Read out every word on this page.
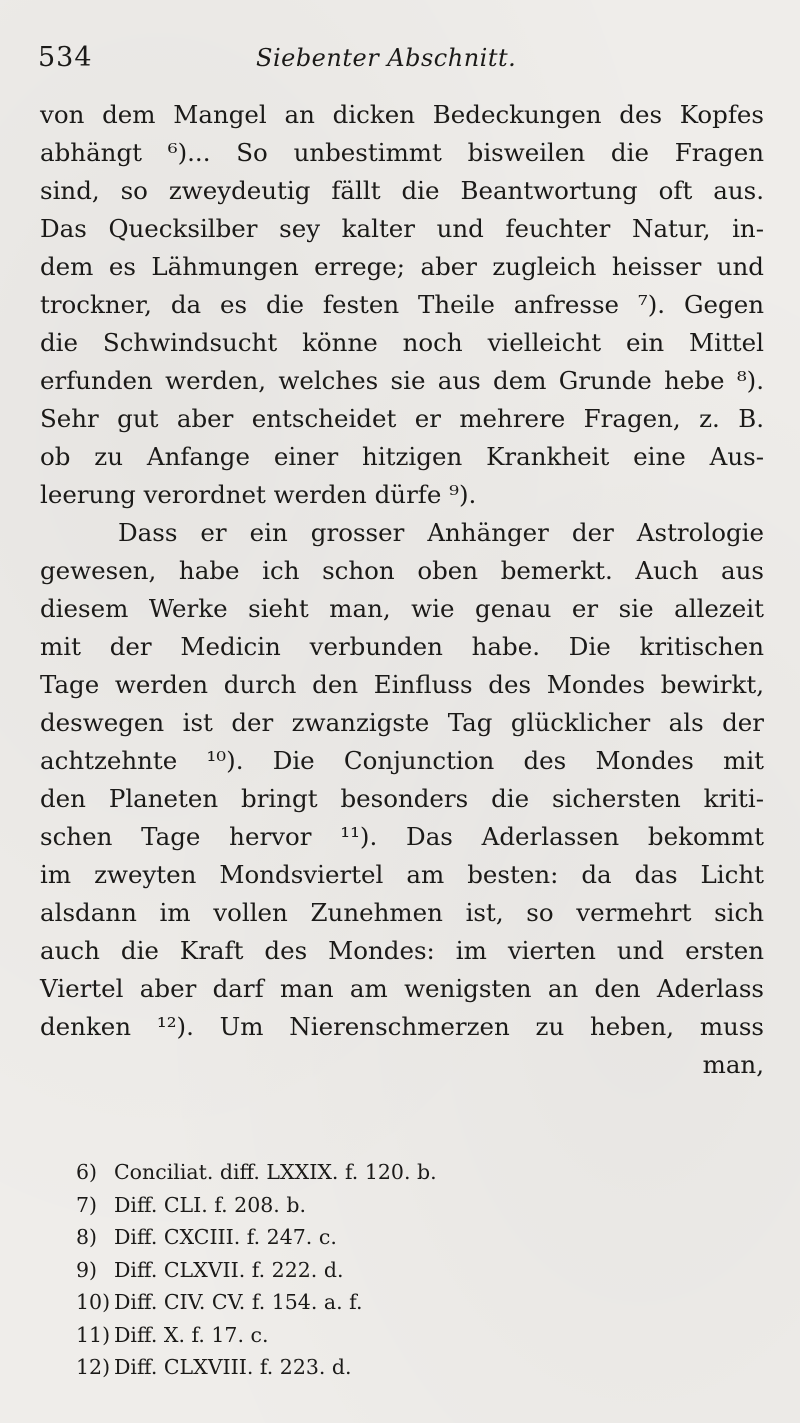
534	Siebenter Abschnitt.
von dem Mangel an dicken Bedeckungen des Kopfes
abhängt ⁶)... So unbestimmt bisweilen die Fragen
sind, so zweydeutig fällt die Beantwortung oft aus.
Das Quecksilber sey kalter und feuchter Natur, in-
dem es Lähmungen errege; aber zugleich heisser und
trockner, da es die festen Theile anfresse ⁷). Gegen
die Schwindsucht könne noch vielleicht ein Mittel
erfunden werden, welches sie aus dem Grunde hebe ⁸).
Sehr gut aber entscheidet er mehrere Fragen, z. B.
ob zu Anfange einer hitzigen Krankheit eine Aus-
leerung verordnet werden dürfe ⁹).
Dass er ein grosser Anhänger der Astrologie
gewesen, habe ich schon oben bemerkt. Auch aus
diesem Werke sieht man, wie genau er sie allezeit
mit der Medicin verbunden habe. Die kritischen
Tage werden durch den Einfluss des Mondes bewirkt,
deswegen ist der zwanzigste Tag glücklicher als der
achtzehnte ¹⁰). Die Conjunction des Mondes mit
den Planeten bringt besonders die sichersten kriti-
schen Tage hervor ¹¹). Das Aderlassen bekommt
im zweyten Mondsviertel am besten: da das Licht
alsdann im vollen Zunehmen ist, so vermehrt sich
auch die Kraft des Mondes: im vierten und ersten
Viertel aber darf man am wenigsten an den Aderlass
denken ¹²). Um Nierenschmerzen zu heben, muss
man,
6) Conciliat. diff. LXXIX. f. 120. b.
7) Diff. CLI. f. 208. b.
8) Diff. CXCIII. f. 247. c.
9) Diff. CLXVII. f. 222. d.
10) Diff. CIV. CV. f. 154. a. f.
11) Diff. X. f. 17. c.
12) Diff. CLXVIII. f. 223. d.
